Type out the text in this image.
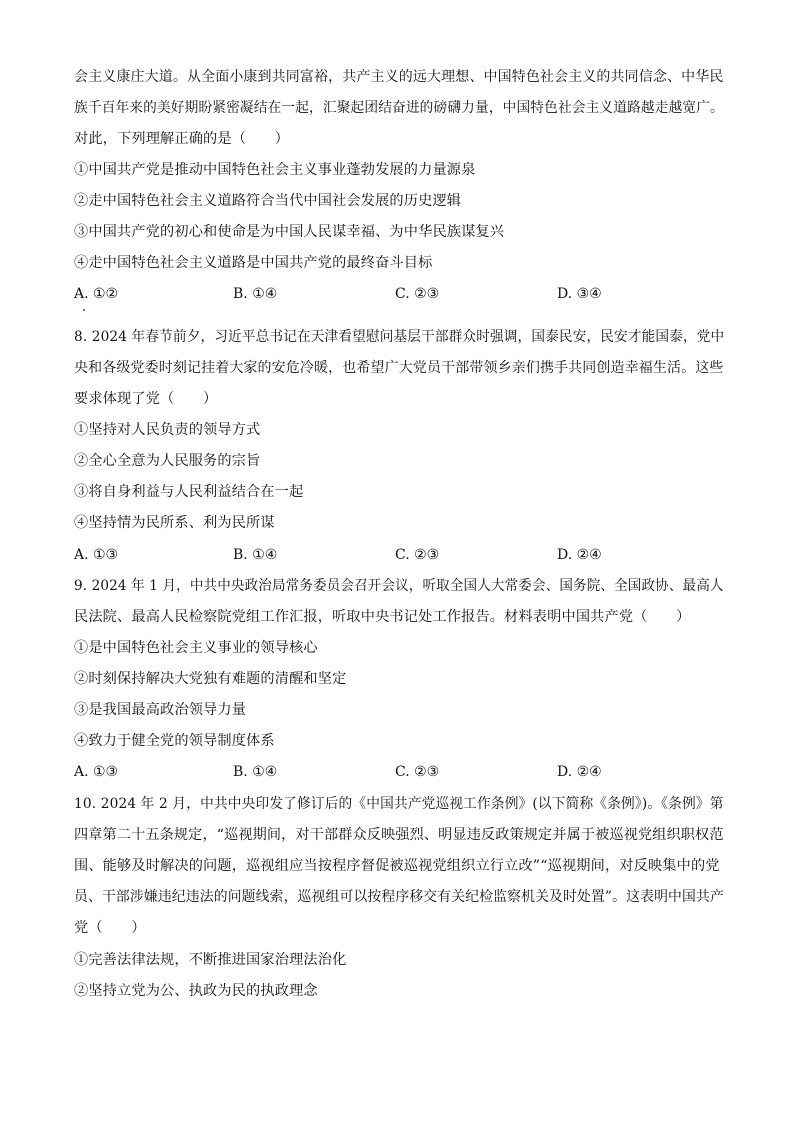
会主义康庄大道。从全面小康到共同富裕，共产主义的远大理想、中国特色社会主义的共同信念、中华民
族千百年来的美好期盼紧密凝结在一起，汇聚起团结奋进的磅礴力量，中国特色社会主义道路越走越宽广。
对此，下列理解正确的是（　　）
①中国共产党是推动中国特色社会主义事业蓬勃发展的力量源泉
②走中国特色社会主义道路符合当代中国社会发展的历史逻辑
③中国共产党的初心和使命是为中国人民谋幸福、为中华民族谋复兴
④走中国特色社会主义道路是中国共产党的最终奋斗目标
A. ①②	B. ①④	C. ②③	D. ③④
8. 2024 年春节前夕，习近平总书记在天津看望慰问基层干部群众时强调，国泰民安，民安才能国泰，党中
央和各级党委时刻记挂着大家的安危冷暖，也希望广大党员干部带领乡亲们携手共同创造幸福生活。这些
要求体现了党（　　）
①坚持对人民负责的领导方式
②全心全意为人民服务的宗旨
③将自身利益与人民利益结合在一起
④坚持情为民所系、利为民所谋
A. ①③	B. ①④	C. ②③	D. ②④
9. 2024 年 1 月，中共中央政治局常务委员会召开会议，听取全国人大常委会、国务院、全国政协、最高人
民法院、最高人民检察院党组工作汇报，听取中央书记处工作报告。材料表明中国共产党（　　）
①是中国特色社会主义事业的领导核心
②时刻保持解决大党独有难题的清醒和坚定
③是我国最高政治领导力量
④致力于健全党的领导制度体系
A. ①③	B. ①④	C. ②③	D. ②④
10. 2024 年 2 月，中共中央印发了修订后的《中国共产党巡视工作条例》(以下简称《条例》)。《条例》第
四章第二十五条规定，“巡视期间，对干部群众反映强烈、明显违反政策规定并属于被巡视党组织职权范
围、能够及时解决的问题，巡视组应当按程序督促被巡视党组织立行立改”“巡视期间，对反映集中的党
员、干部涉嫌违纪违法的问题线索，巡视组可以按程序移交有关纪检监察机关及时处置”。这表明中国共产
党（　　）
①完善法律法规，不断推进国家治理法治化
②坚持立党为公、执政为民的执政理念
